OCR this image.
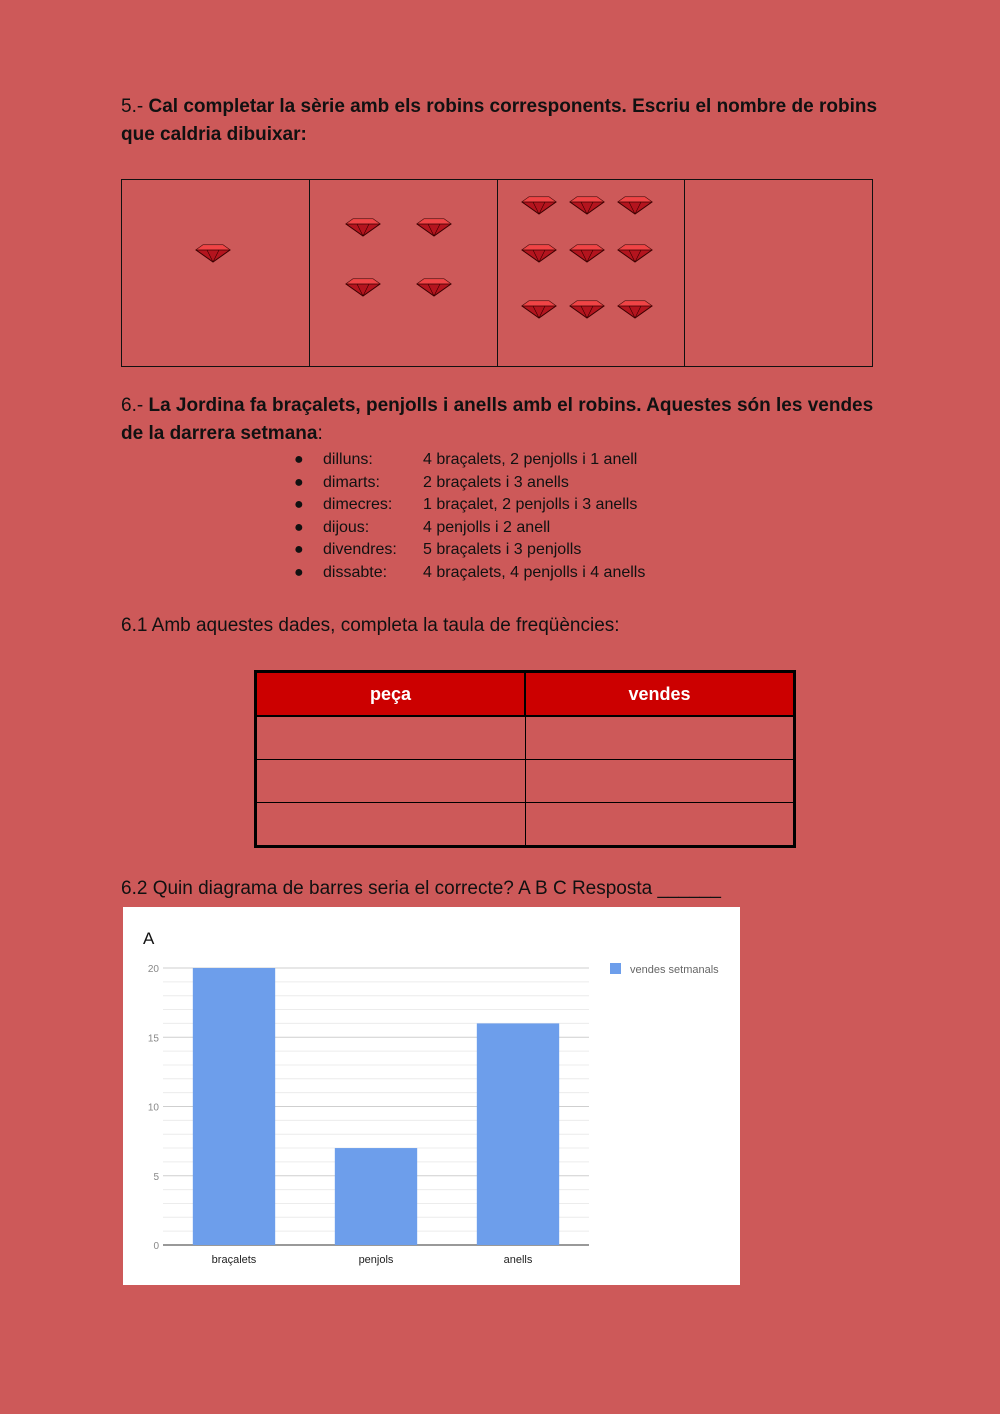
5.- Cal completar la sèrie amb els robins corresponents. Escriu el nombre de robins que caldria dibuixar:
6.- La Jordina fa braçalets, penjolls i anells amb el robins. Aquestes són les vendes de la darrera setmana:
●	dilluns:	4 braçalets, 2 penjolls i 1 anell
●	dimarts:	2 braçalets i 3 anells
●	dimecres:	1 braçalet, 2 penjolls i 3 anells
●	dijous:	4 penjolls i 2 anell
●	divendres:	5 braçalets i 3 penjolls
●	dissabte:	4 braçalets, 4 penjolls i 4 anells
6.1 Amb aquestes dades, completa la taula de freqüències:
peça	vendes

6.2 Quin diagrama de barres seria el correcte? A B C Resposta ______
A
0
5
10
15
20
braçalets	penjols	anells
vendes setmanals
